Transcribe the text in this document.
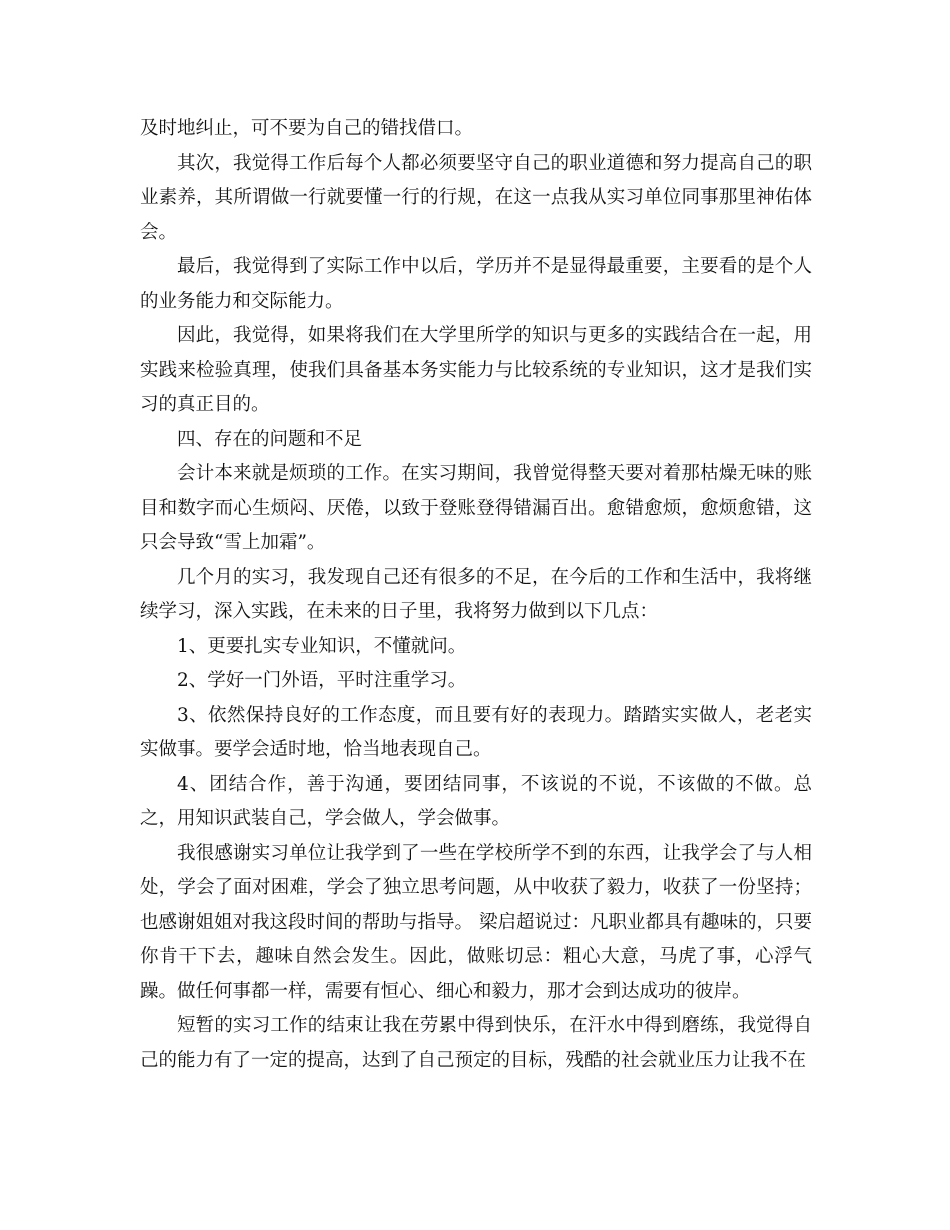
及时地纠止，可不要为自己的错找借口。

其次，我觉得工作后每个人都必须要坚守自己的职业道德和努力提高自己的职业素养，其所谓做一行就要懂一行的行规，在这一点我从实习单位同事那里神佑体会。

最后，我觉得到了实际工作中以后，学历并不是显得最重要，主要看的是个人的业务能力和交际能力。

因此，我觉得，如果将我们在大学里所学的知识与更多的实践结合在一起，用实践来检验真理，使我们具备基本务实能力与比较系统的专业知识，这才是我们实习的真正目的。

四、存在的问题和不足

会计本来就是烦琐的工作。在实习期间，我曾觉得整天要对着那枯燥无味的账目和数字而心生烦闷、厌倦，以致于登账登得错漏百出。愈错愈烦，愈烦愈错，这只会导致“雪上加霜”。

几个月的实习，我发现自己还有很多的不足，在今后的工作和生活中，我将继续学习，深入实践，在未来的日子里，我将努力做到以下几点：

1、更要扎实专业知识，不懂就问。

2、学好一门外语，平时注重学习。

3、依然保持良好的工作态度，而且要有好的表现力。踏踏实实做人，老老实实做事。要学会适时地，恰当地表现自己。

4、团结合作，善于沟通，要团结同事，不该说的不说，不该做的不做。总之，用知识武装自己，学会做人，学会做事。

我很感谢实习单位让我学到了一些在学校所学不到的东西，让我学会了与人相处，学会了面对困难，学会了独立思考问题，从中收获了毅力，收获了一份坚持；也感谢姐姐对我这段时间的帮助与指导。 梁启超说过：凡职业都具有趣味的，只要你肯干下去，趣味自然会发生。因此，做账切忌：粗心大意，马虎了事，心浮气躁。做任何事都一样，需要有恒心、细心和毅力，那才会到达成功的彼岸。

短暂的实习工作的结束让我在劳累中得到快乐，在汗水中得到磨练，我觉得自己的能力有了一定的提高，达到了自己预定的目标，残酷的社会就业压力让我不在
